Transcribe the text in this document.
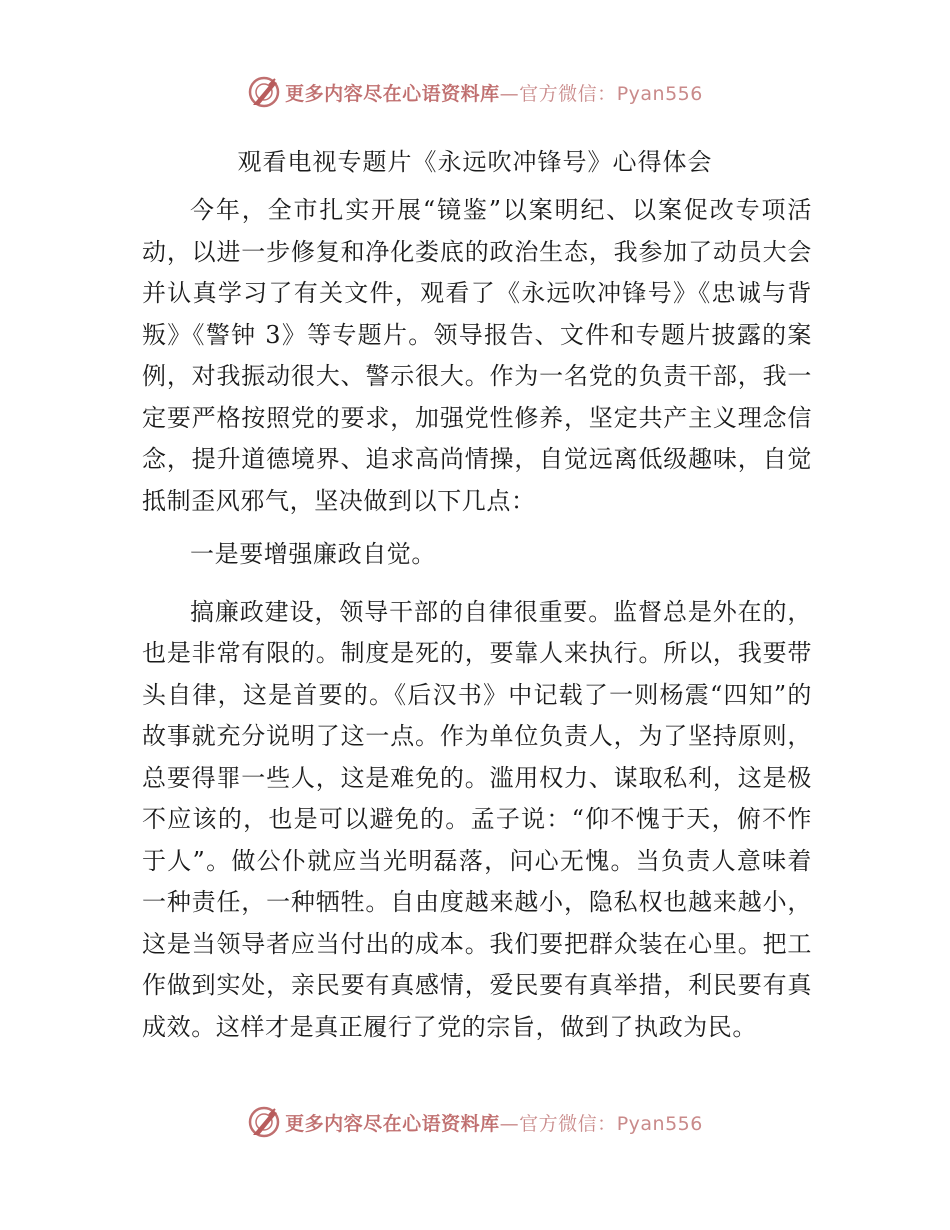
更多内容尽在心语资料库—官方微信：Pyan556
观看电视专题片《永远吹冲锋号》心得体会

今年，全市扎实开展“镜鉴”以案明纪、以案促改专项活动，以进一步修复和净化娄底的政治生态，我参加了动员大会并认真学习了有关文件，观看了《永远吹冲锋号》《忠诚与背叛》《警钟 3》等专题片。领导报告、文件和专题片披露的案例，对我振动很大、警示很大。作为一名党的负责干部，我一定要严格按照党的要求，加强党性修养，坚定共产主义理念信念，提升道德境界、追求高尚情操，自觉远离低级趣味，自觉抵制歪风邪气，坚决做到以下几点：

一是要增强廉政自觉。

搞廉政建设，领导干部的自律很重要。监督总是外在的，也是非常有限的。制度是死的，要靠人来执行。所以，我要带头自律，这是首要的。《后汉书》中记载了一则杨震“四知”的故事就充分说明了这一点。作为单位负责人，为了坚持原则，总要得罪一些人，这是难免的。滥用权力、谋取私利，这是极不应该的，也是可以避免的。孟子说：“仰不愧于天，俯不怍于人”。做公仆就应当光明磊落，问心无愧。当负责人意味着一种责任，一种牺牲。自由度越来越小，隐私权也越来越小，这是当领导者应当付出的成本。我们要把群众装在心里。把工作做到实处，亲民要有真感情，爱民要有真举措，利民要有真成效。这样才是真正履行了党的宗旨，做到了执政为民。

更多内容尽在心语资料库—官方微信：Pyan556
